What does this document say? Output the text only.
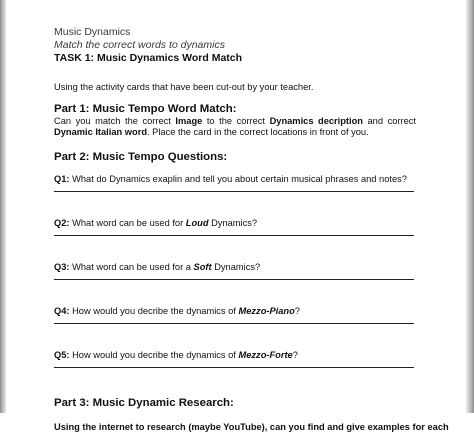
Music Dynamics

Match the correct words to dynamics

TASK 1: Music Dynamics Word Match

Using the activity cards that have been cut-out by your teacher.

Part 1: Music Tempo Word Match:

Can you match the correct Image to the correct Dynamics decription and correct Dynamic Italian word. Place the card in the correct locations in front of you.

Part 2: Music Tempo Questions:

Q1: What do Dynamics exaplin and tell you about certain musical phrases and notes?

Q2: What word can be used for Loud Dynamics?

Q3: What word can be used for a Soft Dynamics?

Q4: How would you decribe the dynamics of Mezzo-Piano?

Q5: How would you decribe the dynamics of Mezzo-Forte?

Part 3: Music Dynamic Research:

Using the internet to research (maybe YouTube), can you find and give examples for each
